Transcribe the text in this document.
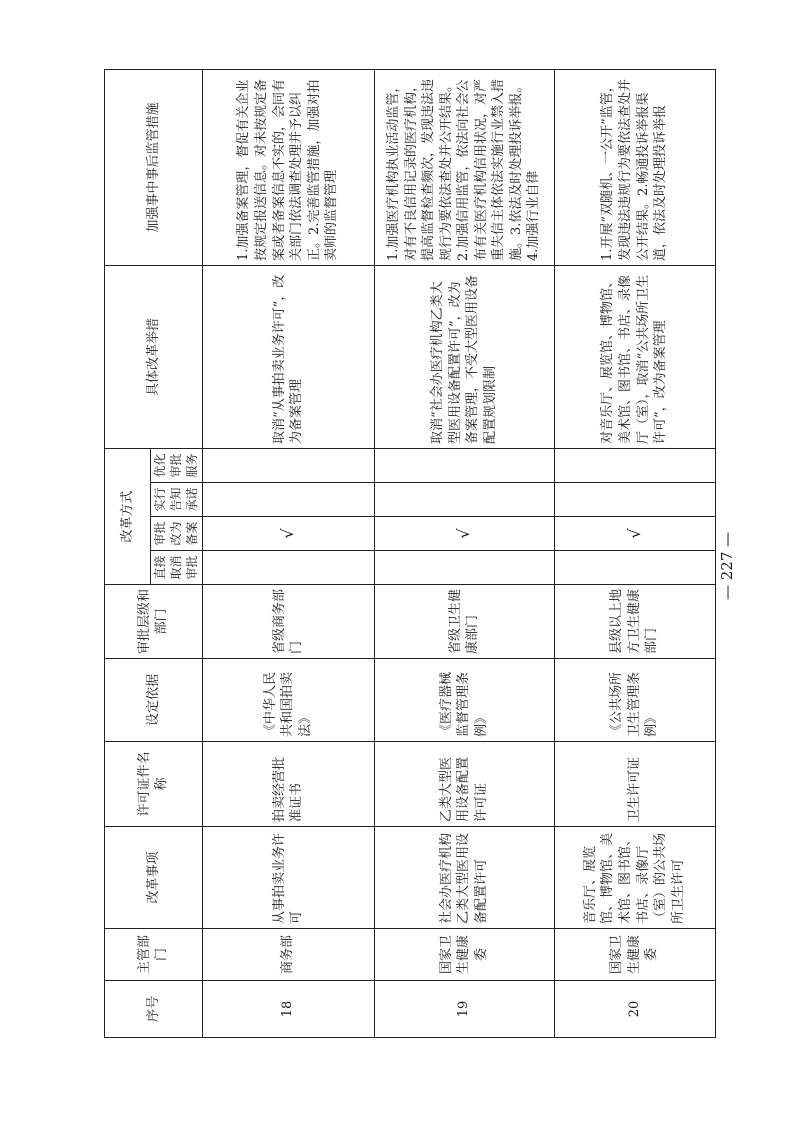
序号	主管部门	改革事项	许可证件名称	设定依据	审批层级和部门	改革方式				具体改革举措	加强事中事后监管措施
						直接取消审批	审批改为备案	实行告知承诺	优化审批服务		
18	商务部	从事拍卖业务许可	拍卖经营批准证书	《中华人民共和国拍卖法》	省级商务部门		√			取消“从事拍卖业务许可”，改为备案管理	1.加强备案管理，督促有关企业按规定报送信息。对未按规定备案或者备案信息不实的，会同有关部门依法调查处理并予以纠正。2.完善监管措施，加强对拍卖师的监督管理
19	国家卫生健康委	社会办医疗机构乙类大型医用设备配置许可	乙类大型医用设备配置许可证	《医疗器械监督管理条例》	省级卫生健康部门		√			取消“社会办医疗机构乙类大型医用设备配置许可”，改为备案管理，不受大型医用设备配置规划限制	1.加强医疗机构执业活动监管，对有不良信用记录的医疗机构，提高监督检查频次，发现违法违规行为要依法查处并公开结果。2.加强信用监管，依法向社会公布有关医疗机构信用状况，对严重失信主体依法实施行业禁入措施。3.依法及时处理投诉举报。4.加强行业自律
20	国家卫生健康委	音乐厅、展览馆、博物馆、美术馆、图书馆、书店、录像厅（室）的公共场所卫生许可	卫生许可证	《公共场所卫生管理条例》	县级以上地方卫生健康部门		√			对音乐厅、展览馆、博物馆、美术馆、图书馆、书店、录像厅（室），取消“公共场所卫生许可”，改为备案管理	1.开展“双随机、一公开”监管，发现违法违规行为要依法查处并公开结果。2.畅通投诉举报渠道，依法及时处理投诉举报
— 227 —
